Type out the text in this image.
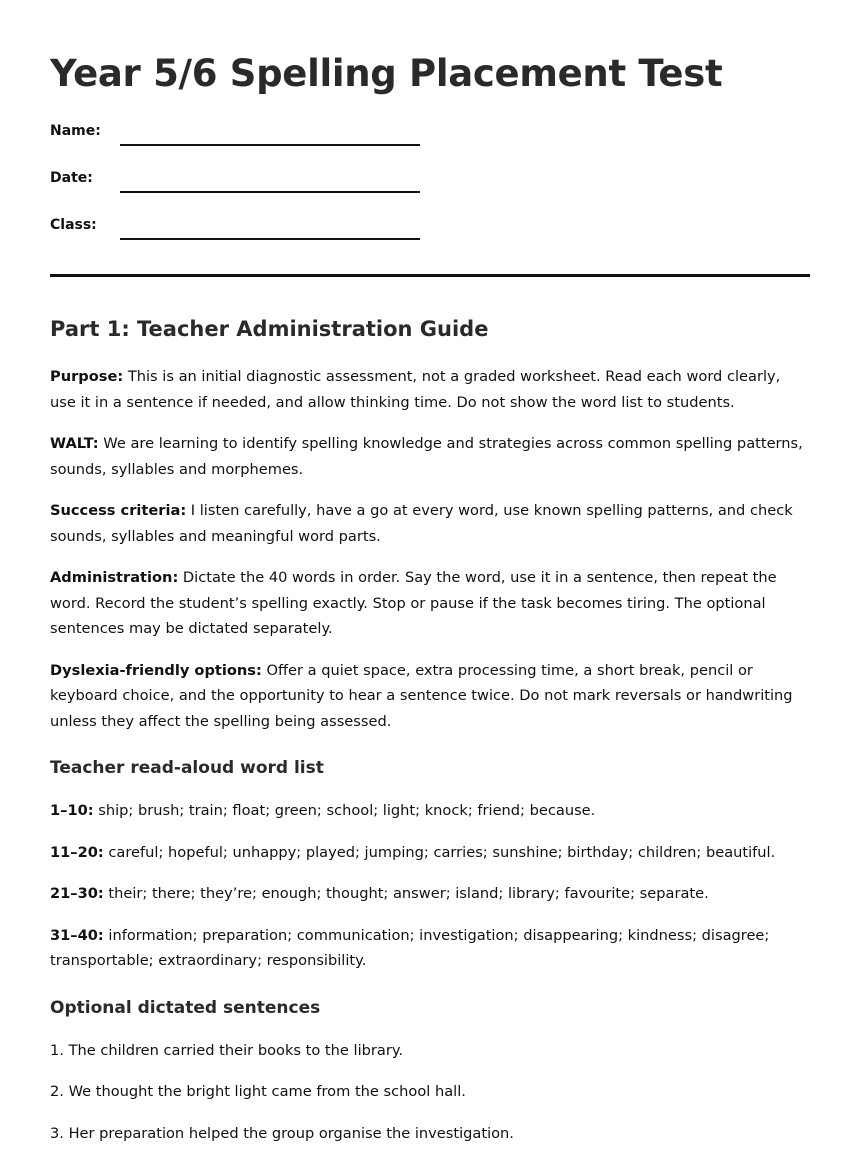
Year 5/6 Spelling Placement Test
Name:
Date:
Class:
Part 1: Teacher Administration Guide

Purpose: This is an initial diagnostic assessment, not a graded worksheet. Read each word clearly, use it in a sentence if needed, and allow thinking time. Do not show the word list to students.

WALT: We are learning to identify spelling knowledge and strategies across common spelling patterns, sounds, syllables and morphemes.

Success criteria: I listen carefully, have a go at every word, use known spelling patterns, and check sounds, syllables and meaningful word parts.

Administration: Dictate the 40 words in order. Say the word, use it in a sentence, then repeat the word. Record the student’s spelling exactly. Stop or pause if the task becomes tiring. The optional sentences may be dictated separately.

Dyslexia-friendly options: Offer a quiet space, extra processing time, a short break, pencil or keyboard choice, and the opportunity to hear a sentence twice. Do not mark reversals or handwriting unless they affect the spelling being assessed.

Teacher read-aloud word list

1–10: ship; brush; train; float; green; school; light; knock; friend; because.

11–20: careful; hopeful; unhappy; played; jumping; carries; sunshine; birthday; children; beautiful.

21–30: their; there; they’re; enough; thought; answer; island; library; favourite; separate.

31–40: information; preparation; communication; investigation; disappearing; kindness; disagree; transportable; extraordinary; responsibility.

Optional dictated sentences

1. The children carried their books to the library.

2. We thought the bright light came from the school hall.

3. Her preparation helped the group organise the investigation.
